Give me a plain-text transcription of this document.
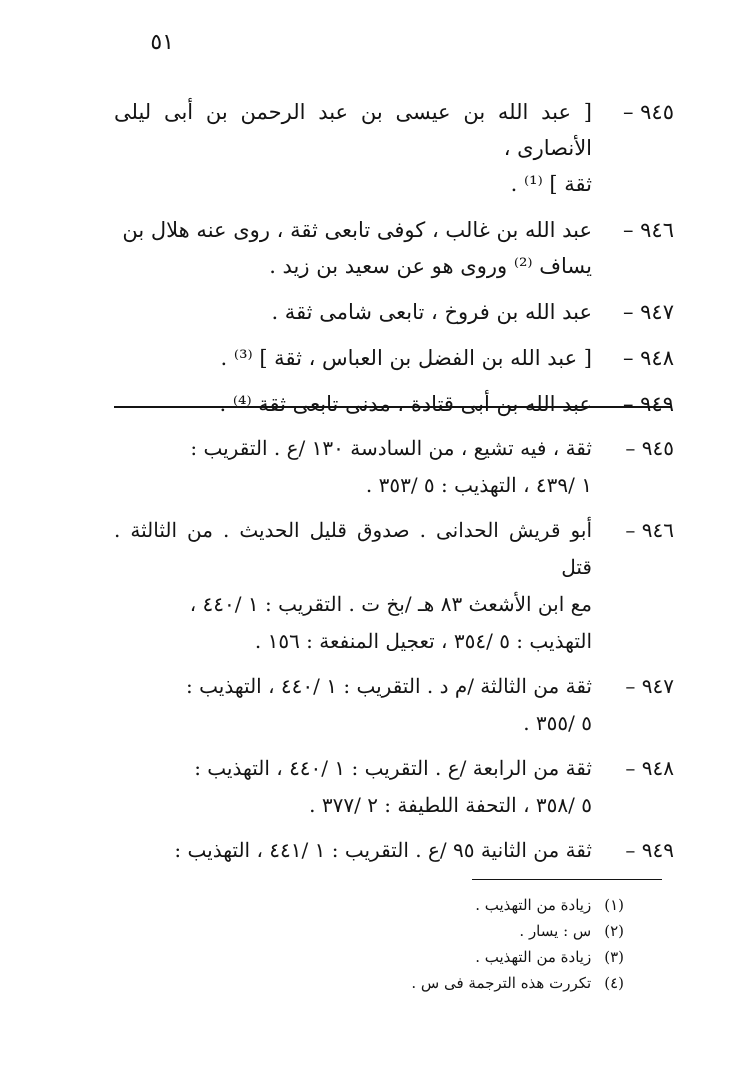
٥١
٩٤٥ –
[ عبد الله بن عيسى بن عبد الرحمن بن أبى ليلى الأنصارى ،
ثقة ] ⁽¹⁾ .
٩٤٦ –
عبد الله بن غالب ، كوفى تابعى ثقة ، روى عنه هلال بن
يساف ⁽²⁾ وروى هو عن سعيد بن زيد .
٩٤٧ –
عبد الله بن فروخ ، تابعى شامى ثقة .
٩٤٨ –
[ عبد الله بن الفضل بن العباس ، ثقة ] ⁽³⁾ .
٩٤٩ –
عبد الله بن أبى قتادة ، مدنى تابعى ثقة ⁽⁴⁾ .
٩٤٥ –
ثقة ، فيه تشيع ، من السادسة ١٣٠ /ع . التقريب :
١ /٤٣٩ ، التهذيب : ٥ /٣٥٣ .
٩٤٦ –
أبو قريش الحدانى . صدوق قليل الحديث . من الثالثة . قتل
مع ابن الأشعث ٨٣ هـ /بخ ت . التقريب : ١ /٤٤٠ ،
التهذيب : ٥ /٣٥٤ ، تعجيل المنفعة : ١٥٦ .
٩٤٧ –
ثقة من الثالثة /م د . التقريب : ١ /٤٤٠ ، التهذيب :
٥ /٣٥٥ .
٩٤٨ –
ثقة من الرابعة /ع . التقريب : ١ /٤٤٠ ، التهذيب :
٥ /٣٥٨ ، التحفة اللطيفة : ٢ /٣٧٧ .
٩٤٩ –
ثقة من الثانية ٩٥ /ع . التقريب : ١ /٤٤١ ، التهذيب :
(١) زيادة من التهذيب .
(٢) س : يسار .
(٣) زيادة من التهذيب .
(٤) تكررت هذه الترجمة فى س .
